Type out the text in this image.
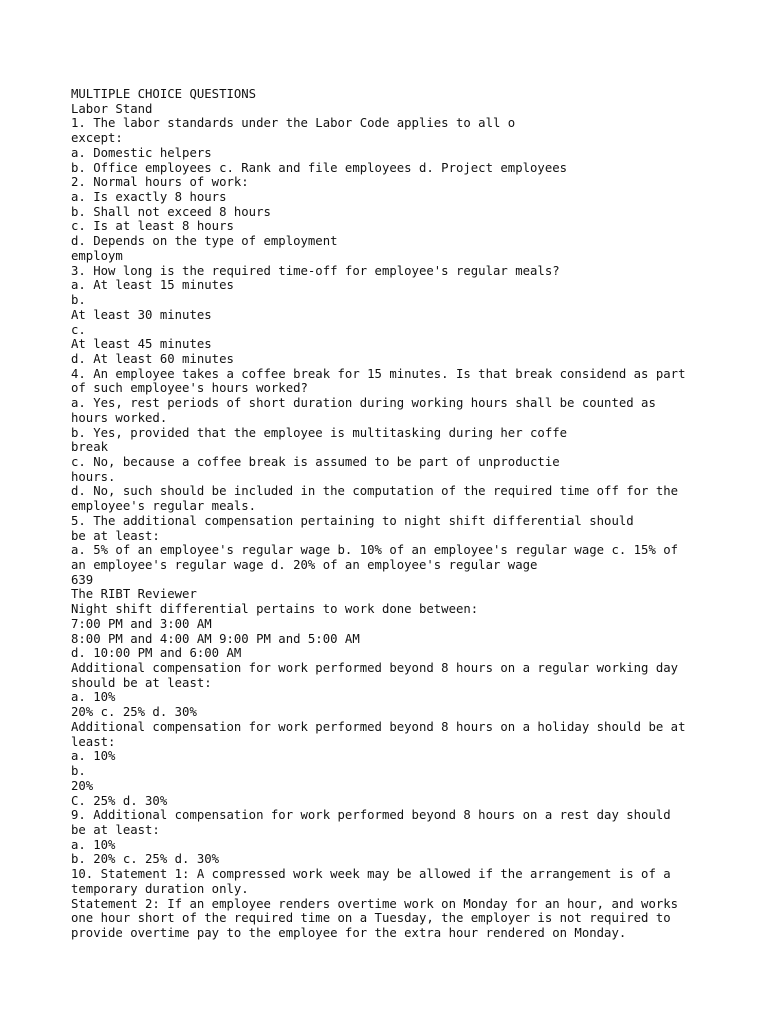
MULTIPLE CHOICE QUESTIONS
Labor Stand
1. The labor standards under the Labor Code applies to all o
except:
a. Domestic helpers
b. Office employees c. Rank and file employees d. Project employees
2. Normal hours of work:
a. Is exactly 8 hours
b. Shall not exceed 8 hours
c. Is at least 8 hours
d. Depends on the type of employment
employm
3. How long is the required time-off for employee's regular meals?
a. At least 15 minutes
b.
At least 30 minutes
c.
At least 45 minutes
d. At least 60 minutes
4. An employee takes a coffee break for 15 minutes. Is that break considend as part
of such employee's hours worked?
a. Yes, rest periods of short duration during working hours shall be counted as
hours worked.
b. Yes, provided that the employee is multitasking during her coffe
break
c. No, because a coffee break is assumed to be part of unproductie
hours.
d. No, such should be included in the computation of the required time off for the
employee's regular meals.
5. The additional compensation pertaining to night shift differential should
be at least:
a. 5% of an employee's regular wage b. 10% of an employee's regular wage c. 15% of
an employee's regular wage d. 20% of an employee's regular wage
639
The RIBT Reviewer
Night shift differential pertains to work done between:
7:00 PM and 3:00 AM
8:00 PM and 4:00 AM 9:00 PM and 5:00 AM
d. 10:00 PM and 6:00 AM
Additional compensation for work performed beyond 8 hours on a regular working day
should be at least:
a. 10%
20% c. 25% d. 30%
Additional compensation for work performed beyond 8 hours on a holiday should be at
least:
a. 10%
b.
20%
C. 25% d. 30%
9. Additional compensation for work performed beyond 8 hours on a rest day should
be at least:
a. 10%
b. 20% c. 25% d. 30%
10. Statement 1: A compressed work week may be allowed if the arrangement is of a
temporary duration only.
Statement 2: If an employee renders overtime work on Monday for an hour, and works
one hour short of the required time on a Tuesday, the employer is not required to
provide overtime pay to the employee for the extra hour rendered on Monday.
